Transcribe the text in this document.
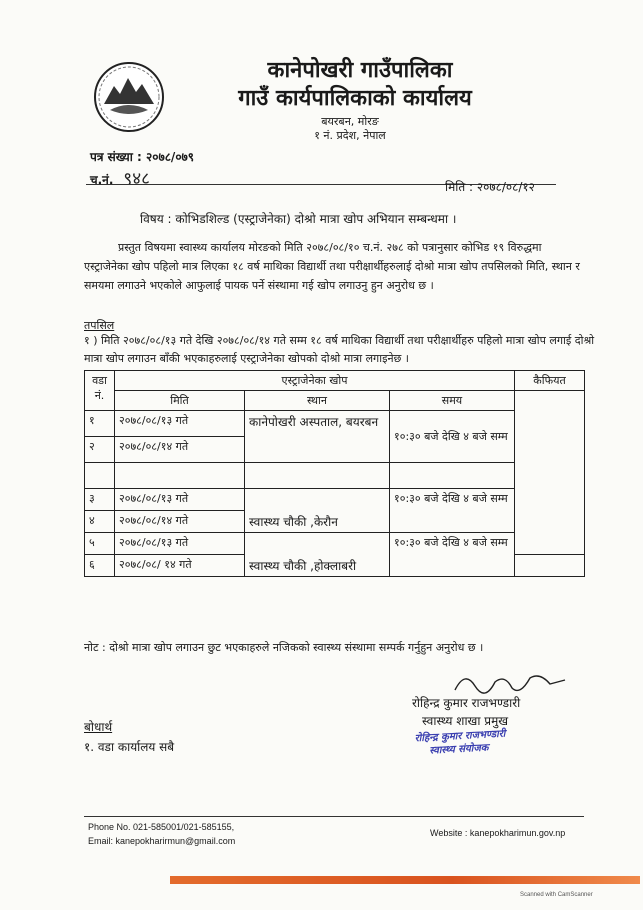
कानेपोखरी गाउँपालिका
गाउँ कार्यपालिकाको कार्यालय
बयरबन, मोरङ
१ नं. प्रदेश, नेपाल
पत्र संख्या : २०७८/०७९
च.नं. ९४८	मिति : २०७८/०८/१२
विषय : कोभिडशिल्ड (एस्ट्राजेनेका) दोश्रो मात्रा खोप अभियान सम्बन्धमा ।
प्रस्तुत विषयमा स्वास्थ्य कार्यालय मोरङको मिति २०७८/०८/१० च.नं. २७८ को पत्रानुसार कोभिड १९ विरुद्धमा एस्ट्राजेनेका खोप पहिलो मात्र लिएका १८ वर्ष माथिका विद्यार्थी तथा परीक्षार्थीहरुलाई दोश्रो मात्रा खोप तपसिलको मिति, स्थान र समयमा लगाउने भएकोले आफुलाई पायक पर्ने संस्थामा गई खोप लगाउनु हुन अनुरोध छ ।
तपसिल
१ ) मिति २०७८/०८/१३ गते देखि २०७८/०८/१४ गते सम्म १८ वर्ष माथिका विद्यार्थी तथा परीक्षार्थीहरु पहिलो मात्रा खोप लगाई दोश्रो मात्रा खोप लगाउन बाँकी भएकाहरुलाई एस्ट्राजेनेका खोपको दोश्रो मात्रा लगाइनेछ ।
वडा नं.	एस्ट्राजेनेका खोप			कैफियत	
	मिति	स्थान	समय		
१	२०७८/०८/१३ गते	कानेपोखरी अस्पताल, बयरबन	१०:३० बजे देखि ४ बजे सम्म		
२	२०७८/०८/१४ गते				

३	२०७८/०८/१३ गते	स्वास्थ्य चौकी ,केरौन	१०:३० बजे देखि ४ बजे सम्म		
४	२०७८/०८/१४ गते				
५	२०७८/०८/१३ गते	स्वास्थ्य चौकी ,होक्लाबरी	१०:३० बजे देखि ४ बजे सम्म		
६	२०७८/०८/ १४ गते				
नोट : दोश्रो मात्रा खोप लगाउन छुट भएकाहरुले नजिकको स्वास्थ्य संस्थामा सम्पर्क गर्नुहुन अनुरोध छ ।
रोहिन्द्र कुमार राजभण्डारी
स्वास्थ्य शाखा प्रमुख
रोहिन्द्र कुमार राजभण्डारी
स्वास्थ्य संयोजक
बोधार्थ
१. वडा कार्यालय सबै
Phone No. 021-585001/021-585155,
Email: kanepokharirmun@gmail.com
Website : kanepokharimun.gov.np
Scanned with CamScanner
